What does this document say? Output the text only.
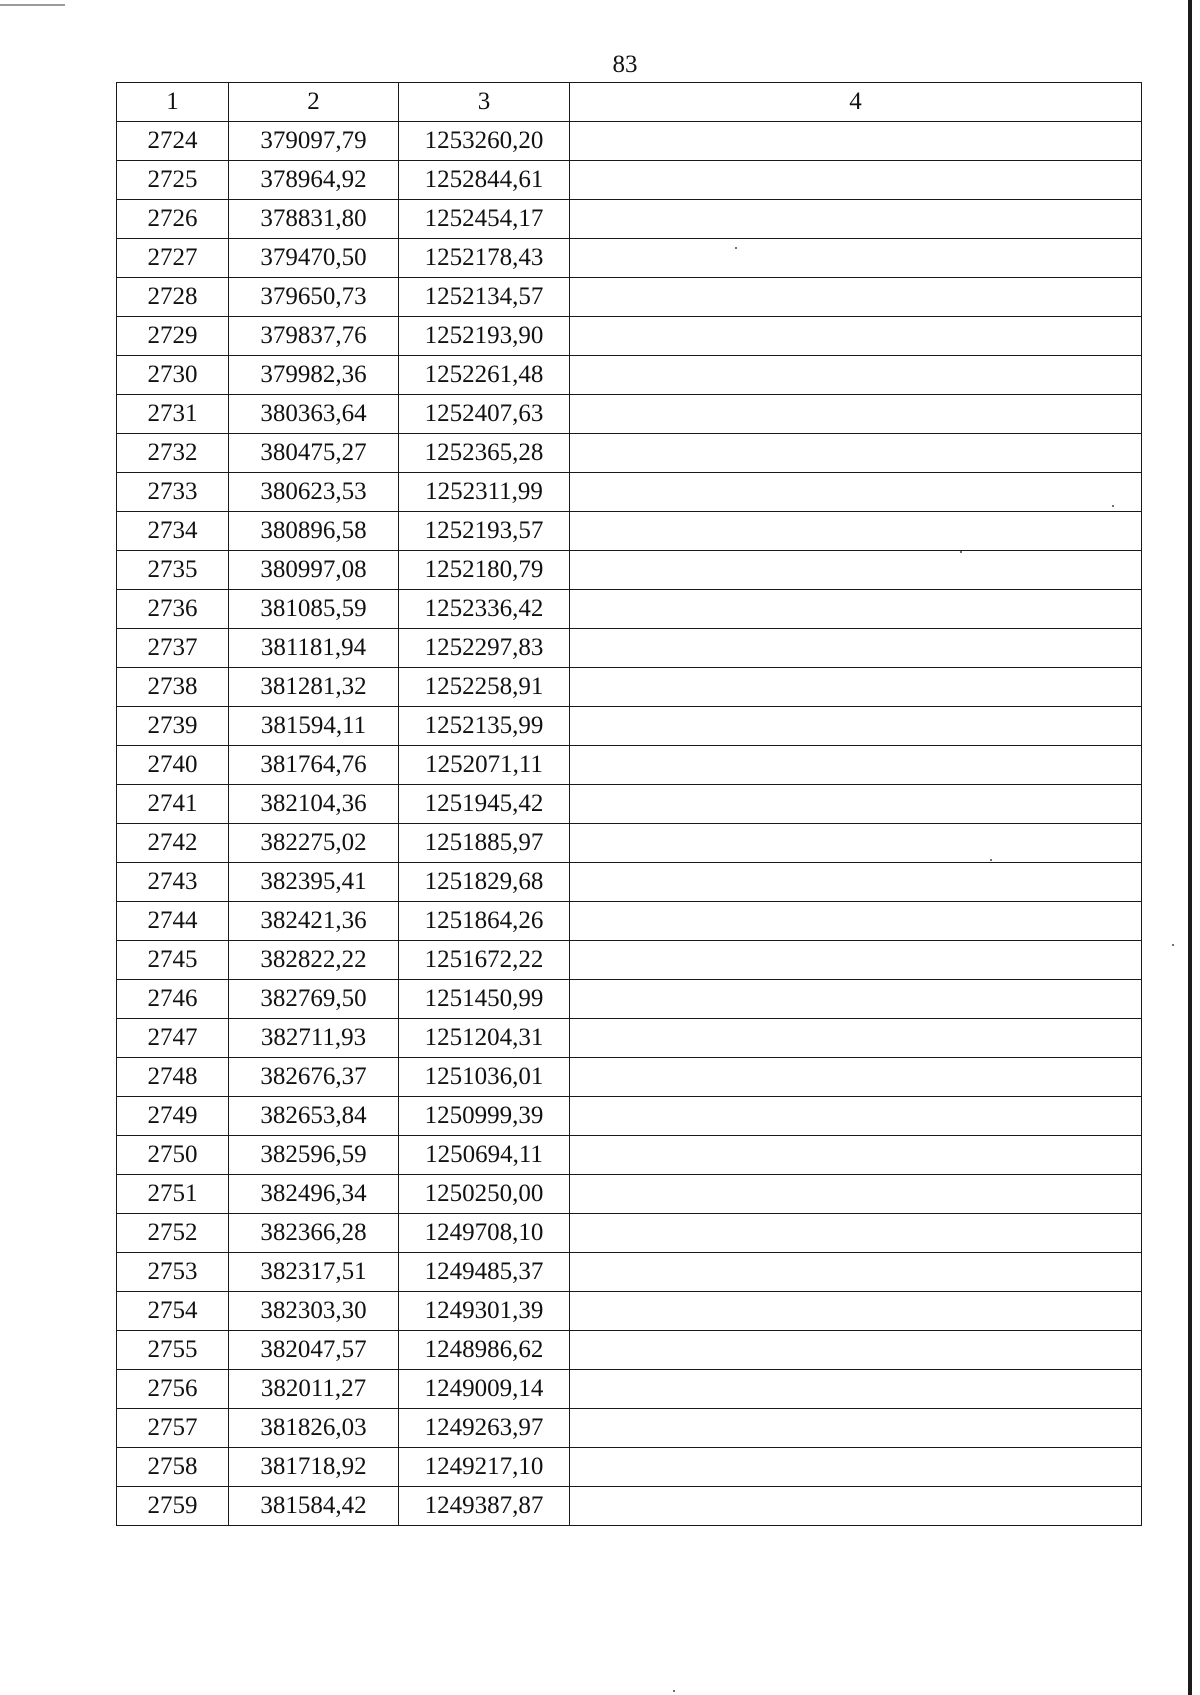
83
1	2	3	4
2724	379097,79	1253260,20	
2725	378964,92	1252844,61	
2726	378831,80	1252454,17	
2727	379470,50	1252178,43	
2728	379650,73	1252134,57	
2729	379837,76	1252193,90	
2730	379982,36	1252261,48	
2731	380363,64	1252407,63	
2732	380475,27	1252365,28	
2733	380623,53	1252311,99	
2734	380896,58	1252193,57	
2735	380997,08	1252180,79	
2736	381085,59	1252336,42	
2737	381181,94	1252297,83	
2738	381281,32	1252258,91	
2739	381594,11	1252135,99	
2740	381764,76	1252071,11	
2741	382104,36	1251945,42	
2742	382275,02	1251885,97	
2743	382395,41	1251829,68	
2744	382421,36	1251864,26	
2745	382822,22	1251672,22	
2746	382769,50	1251450,99	
2747	382711,93	1251204,31	
2748	382676,37	1251036,01	
2749	382653,84	1250999,39	
2750	382596,59	1250694,11	
2751	382496,34	1250250,00	
2752	382366,28	1249708,10	
2753	382317,51	1249485,37	
2754	382303,30	1249301,39	
2755	382047,57	1248986,62	
2756	382011,27	1249009,14	
2757	381826,03	1249263,97	
2758	381718,92	1249217,10	
2759	381584,42	1249387,87	
